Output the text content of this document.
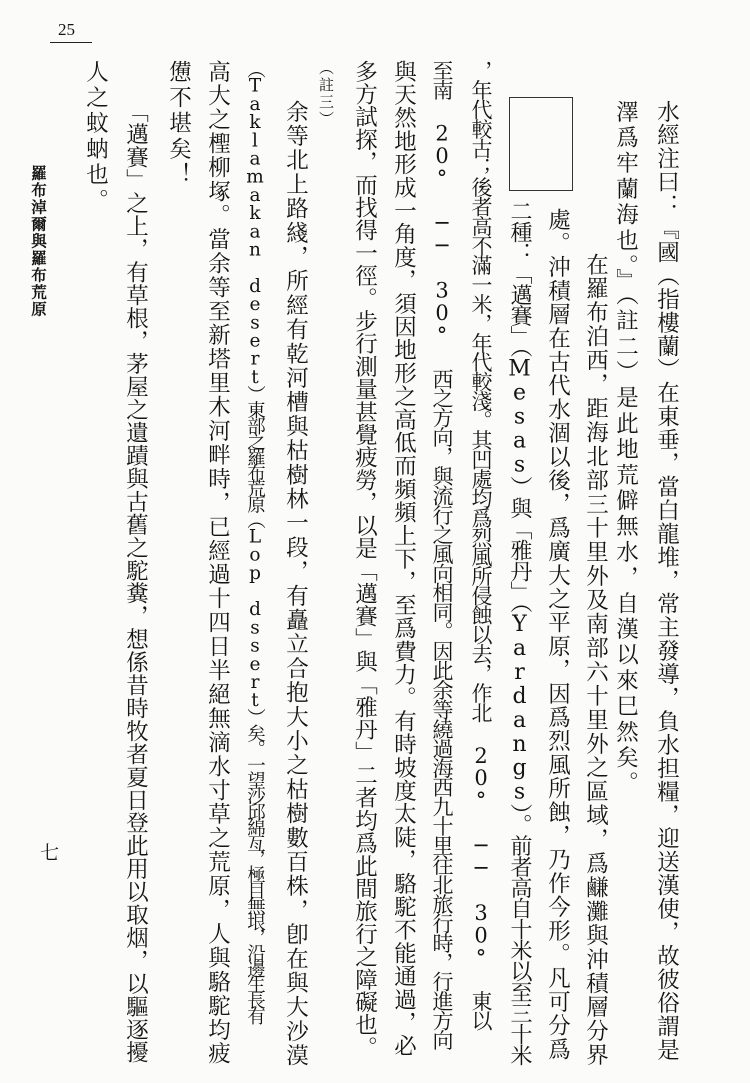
25
水經注曰：『國（指樓蘭）在東垂，當白龍堆，常主發導，負水担糧，迎送漢使，故彼俗謂是
澤爲牢蘭海也。』（註二）是此地荒僻無水，自漢以來巳然矣。
在羅布泊西，距海北部三十里外及南部六十里外之區域，爲鹻灘與沖積層分界
處。沖積層在古代水涸以後，爲廣大之平原，因爲烈風所蝕，乃作今形。凡可分爲
二種：「邁賽」（Mesas）與「雅丹」（Yardangs）。前者高自十米以至三十米
，年代較古；後者高不滿一米，年代較淺。其凹處均爲烈風所侵蝕以去，作北 20° ── 30° 東以
至南 20° ── 30° 西之方向，與流行之風向相同。因此余等繞過海西九十里往北旅行時，行進方向
與天然地形成一角度，須因地形之高低而頻頻上下，至爲費力。有時坡度太陡，駱駝不能通過，必
多方試探，而找得一徑。步行測量甚覺疲勞，以是「邁賽」與「雅丹」二者均爲此間旅行之障礙也。
（註三）
余等北上路綫，所經有乾河槽與枯樹林一段，有矗立合抱大小之枯樹數百株，卽在與大沙漠
（Taklamakan desert）東部之羅布荒原（Lop dssert）矣。一望沙邱綿亙，極目無垠，沿邊生長有
高大之檉柳塚。當余等至新塔里木河畔時，已經過十四日半絕無滴水寸草之荒原，人與駱駝均疲
憊不堪矣！
「邁賽」之上，有草根，茅屋之遺蹟與古舊之駝糞，想係昔時牧者夏日登此用以取烟，以驅逐擾
人之蚊蚋也。
羅布淖爾與羅布荒原
七
